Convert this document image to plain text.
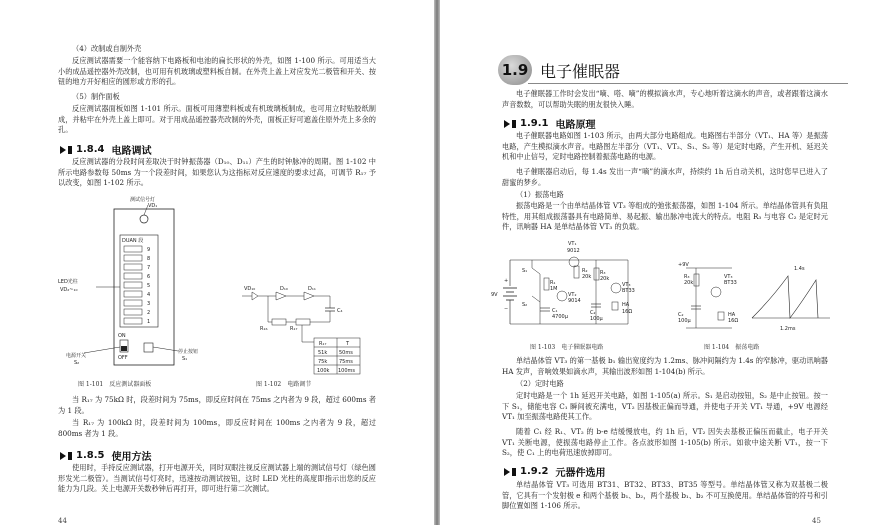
（4）改制或自制外壳

反应测试器需要一个能容纳下电路板和电池的扁长形状的外壳，如图 1-100 所示。可用适当大小的成品遥控器外壳改制，也可用有机玻璃或塑料板自制。在外壳上盖上对应发光二极管和开关、按钮的地方开好相应的圆形或方形的孔。

（5）制作面板

反应测试器面板如图 1-101 所示。面板可用薄塑料板或有机玻璃板制成，也可用立时贴胶纸制成，并粘牢在外壳上盖上即可。对于用成品遥控器壳改制的外壳，面板正好可遮盖住原外壳上多余的孔。

1.8.4
电路调试

反应测试器的分段时间差取决于时钟振荡器（D₁₀、D₁₁）产生的时钟脉冲的周期。图 1-102 中所示电路参数每 50ms 为一个段差时间，如果您认为这指标对反应速度的要求过高，可调节 R₁₇ 予以改变，如图 1-102 所示。

测试信号灯
VD₁
DUAN 段
9
8
7
6
5
4
3
2
1
LED光柱
VD₂~₁₀
ON
OFF
电源开关
S₂
停止按钮
S₁
图 1-101　反应测试器面板
VD₁₀	D₁₀	D₁₁
C₄
R₁₆	R₁₇
R₁₇	T
51k 50ms
75k 75ms
100k 100ms
图 1-102　电路调节

当 R₁₇ 为 75kΩ 时，段差时间为 75ms，即反应时间在 75ms 之内者为 9 段，超过 600ms 者为 1 段。

当 R₁₇ 为 100kΩ 时，段差时间为 100ms，即反应时间在 100ms 之内者为 9 段，超过 800ms 者为 1 段。

1.8.5
使用方法

使用时，手持反应测试器，打开电源开关，同时双眼注视反应测试器上端的测试信号灯（绿色圆形发光二极管）。当测试信号灯亮时，迅速按动测试按钮，这时 LED 光柱的高度即指示出您的反应能力为几段。关上电源开关数秒钟后再打开，即可进行第二次测试。

44
1.9 电子催眠器

电子催眠器工作时会发出“嘀、嗒、嘀”的模拟滴水声，专心地听着这滴水的声音，或者跟着这滴水声音数数，可以帮助失眠的朋友很快入睡。

1.9.1
电路原理

电子催眠器电路如图 1-103 所示，由两大部分电路组成。电路图右半部分（VT₁、HA 等）是振荡电路，产生模拟滴水声音。电路图左半部分（VT₁、VT₂、S₁、S₂ 等）是定时电路，产生开机、延迟关机和中止信号，定时电路控制着振荡电路的电源。

电子催眠器启动后，每 1.4s 发出一声“嘀”的滴水声，持续约 1h 后自动关机，这时您早已进入了甜蜜的梦乡。

（1）振荡电路

振荡电路是一个由单结晶体管 VT₃ 等组成的弛张振荡器，如图 1-104 所示。单结晶体管具有负阻特性，用其组成振荡器具有电路简单、易起振、输出脉冲电流大的特点。电阻 R₃ 与电容 C₂ 是定时元件，讯响器 HA 是单结晶体管 VT₃ 的负载。

9V
+
−
VT₁
9012
S₁
S₂
R₁
1M
R₂
20k
VT₂
9014
C₁
4700μ
R₃
20k
C₂
100μ
VT₃
BT33
HA
16Ω
图 1-103　电子催眠器电路
+9V
R₃
20k
VT₃
BT33
C₂
100μ
HA
16Ω
1.4s
1.2ms
图 1-104　振荡电路

单结晶体管 VT₃ 的第一基极 b₁ 输出宽度约为 1.2ms、脉冲间隔约为 1.4s 的窄脉冲，驱动讯响器 HA 发声，音响效果如滴水声，其输出波形如图 1-104(b) 所示。

（2）定时电路

定时电路是一个 1h 延迟开关电路，如图 1-105(a) 所示。S₁ 是启动按钮，S₂ 是中止按钮。按一下 S₁，储能电容 C₁ 瞬间被充满电，VT₂ 因基极正偏而导通，并使电子开关 VT₁ 导通，+9V 电源经 VT₁ 加至振荡电路使其工作。

随着 C₁ 经 R₁、VT₂ 的 b-e 结缓慢放电，约 1h 后，VT₂ 因失去基极正偏压而截止，电子开关 VT₁ 关断电源，使振荡电路停止工作。各点波形如图 1-105(b) 所示。如欲中途关断 VT₁，按一下 S₂，使 C₁ 上的电荷迅速放掉即可。

1.9.2
元器件选用

单结晶体管 VT₃ 可选用 BT31、BT32、BT33、BT35 等型号。单结晶体管又称为双基极二极管，它具有一个发射极 e 和两个基极 b₁、b₂，两个基极 b₁、b₂ 不可互换使用。单结晶体管的符号和引脚位置如图 1-106 所示。

45
